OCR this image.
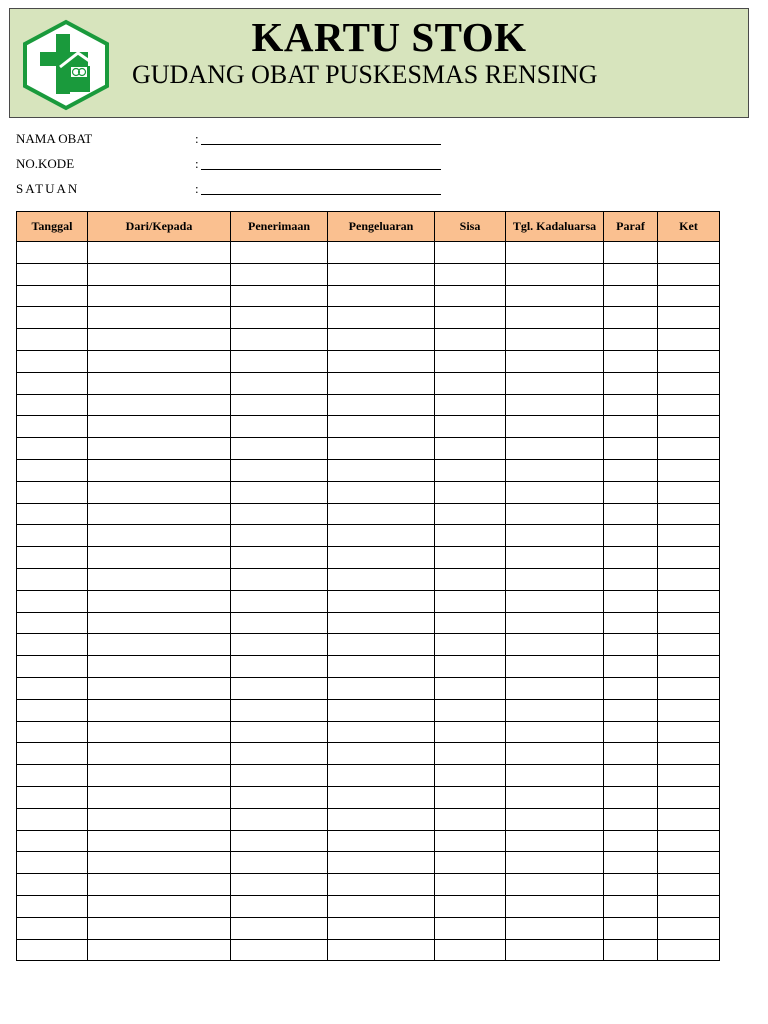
KARTU STOK
GUDANG OBAT PUSKESMAS RENSING
NAMA OBAT	:
NO.KODE	:
SATUAN	:
Tanggal	Dari/Kepada	Penerimaan	Pengeluaran	Sisa	Tgl. Kadaluarsa	Paraf	Ket
